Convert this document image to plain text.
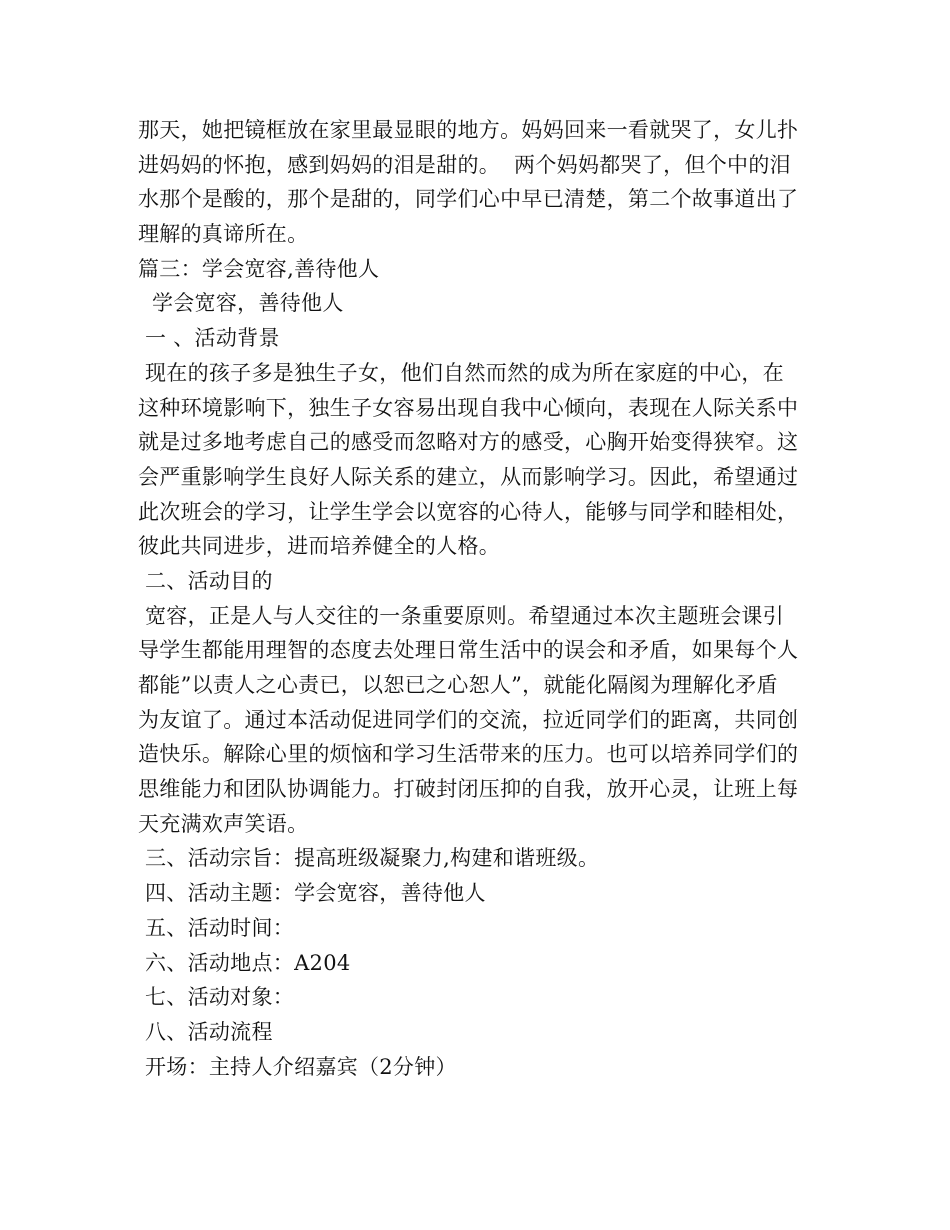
那天，她把镜框放在家里最显眼的地方。妈妈回来一看就哭了，女儿扑
进妈妈的怀抱，感到妈妈的泪是甜的。  两个妈妈都哭了，但个中的泪
水那个是酸的，那个是甜的，同学们心中早已清楚，第二个故事道出了
理解的真谛所在。
篇三：学会宽容,善待他人
学会宽容，善待他人
一 、活动背景
现在的孩子多是独生子女，他们自然而然的成为所在家庭的中心，在
这种环境影响下，独生子女容易出现自我中心倾向，表现在人际关系中
就是过多地考虑自己的感受而忽略对方的感受，心胸开始变得狭窄。这
会严重影响学生良好人际关系的建立，从而影响学习。因此，希望通过
此次班会的学习，让学生学会以宽容的心待人，能够与同学和睦相处，
彼此共同进步，进而培养健全的人格。
二、活动目的
宽容，正是人与人交往的一条重要原则。希望通过本次主题班会课引
导学生都能用理智的态度去处理日常生活中的误会和矛盾，如果每个人
都能”以责人之心责已，以恕已之心恕人”，就能化隔阂为理解化矛盾
为友谊了。通过本活动促进同学们的交流，拉近同学们的距离，共同创
造快乐。解除心里的烦恼和学习生活带来的压力。也可以培养同学们的
思维能力和团队协调能力。打破封闭压抑的自我，放开心灵，让班上每
天充满欢声笑语。
三、活动宗旨：提高班级凝聚力,构建和谐班级。
四、活动主题：学会宽容，善待他人
五、活动时间：
六、活动地点：A204
七、活动对象：
八、活动流程
开场：主持人介绍嘉宾（2分钟）
